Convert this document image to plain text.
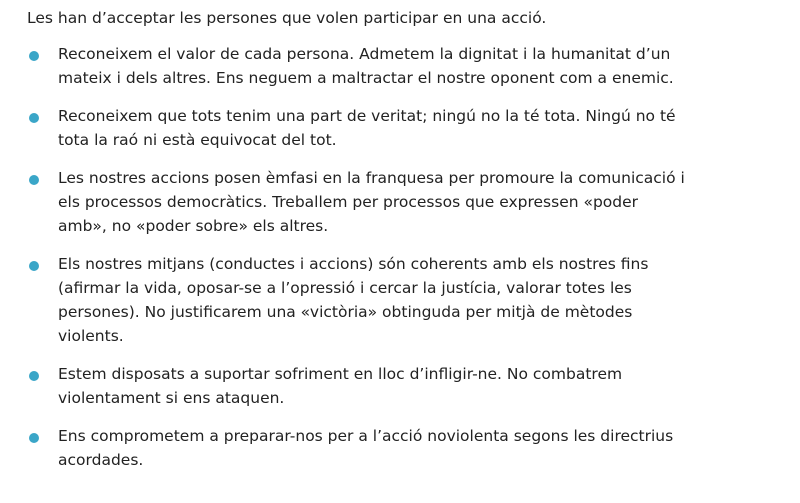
Les han d’acceptar les persones que volen participar en una acció.

Reconeixem el valor de cada persona. Admetem la dignitat i la humanitat d’un
mateix i dels altres. Ens neguem a maltractar el nostre oponent com a enemic.
Reconeixem que tots tenim una part de veritat; ningú no la té tota. Ningú no té
tota la raó ni està equivocat del tot.
Les nostres accions posen èmfasi en la franquesa per promoure la comunicació i
els processos democràtics. Treballem per processos que expressen «poder
amb», no «poder sobre» els altres.
Els nostres mitjans (conductes i accions) són coherents amb els nostres fins
(afirmar la vida, oposar-se a l’opressió i cercar la justícia, valorar totes les
persones). No justificarem una «victòria» obtinguda per mitjà de mètodes
violents.
Estem disposats a suportar sofriment en lloc d’infligir-ne. No combatrem
violentament si ens ataquen.
Ens comprometem a preparar-nos per a l’acció noviolenta segons les directrius
acordades.
